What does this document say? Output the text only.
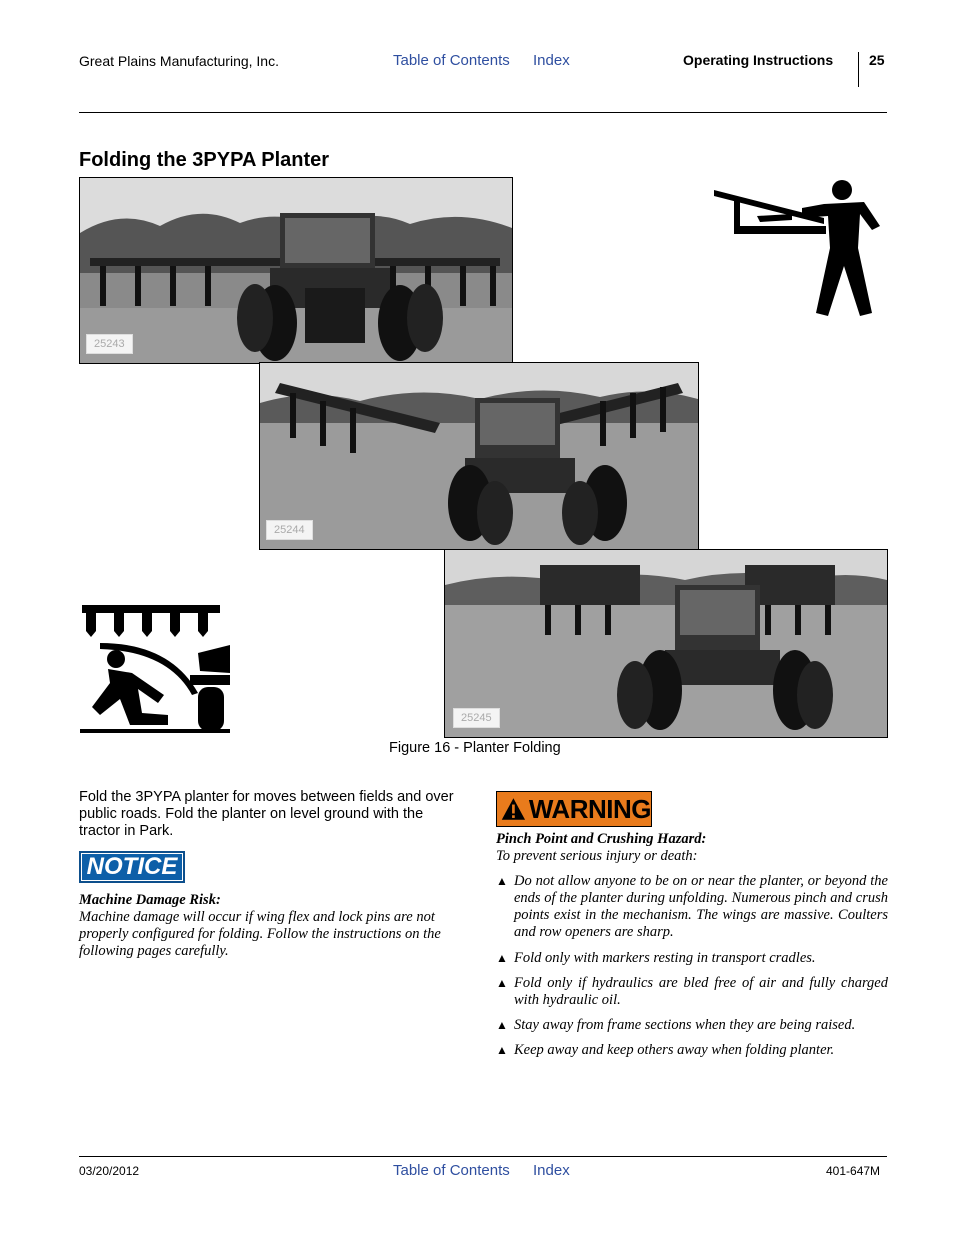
Great Plains Manufacturing, Inc.	Table of Contents Index	Operating Instructions	25
Folding the 3PYPA Planter
25243
25244
25245
Figure 16 - Planter Folding
Fold the 3PYPA planter for moves between fields and over public roads. Fold the planter on level ground with the tractor in Park.
NOTICE
Machine Damage Risk:
Machine damage will occur if wing flex and lock pins are not properly configured for folding. Follow the instructions on the following pages carefully.
WARNING
Pinch Point and Crushing Hazard:
To prevent serious injury or death:
▲ Do not allow anyone to be on or near the planter, or beyond the ends of the planter during unfolding. Numerous pinch and crush points exist in the mechanism. The wings are massive. Coulters and row openers are sharp.
▲ Fold only with markers resting in transport cradles.
▲ Fold only if hydraulics are bled free of air and fully charged with hydraulic oil.
▲ Stay away from frame sections when they are being raised.
▲ Keep away and keep others away when folding planter.
03/20/2012	Table of Contents Index	401-647M
